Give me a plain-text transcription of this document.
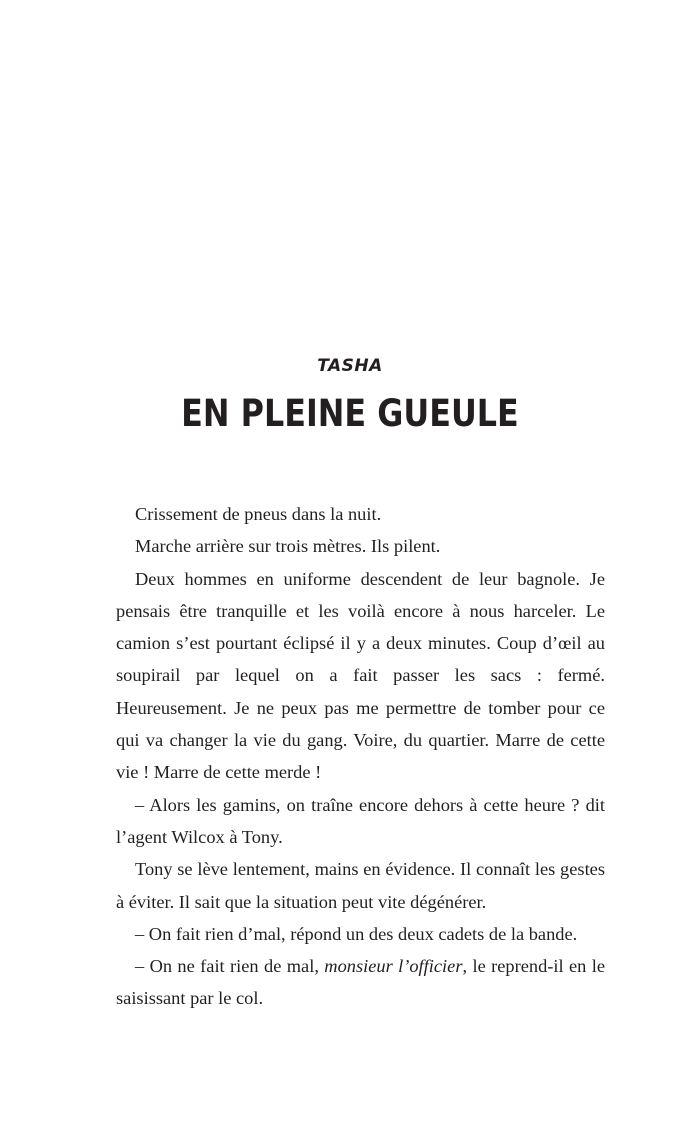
TASHA
EN PLEINE GUEULE

Crissement de pneus dans la nuit.

Marche arrière sur trois mètres. Ils pilent.

Deux hommes en uniforme descendent de leur bagnole. Je pensais être tranquille et les voilà encore à nous harceler. Le camion s’est pourtant éclipsé il y a deux minutes. Coup d’œil au soupirail par lequel on a fait passer les sacs : fermé. Heureusement. Je ne peux pas me permettre de tomber pour ce qui va changer la vie du gang. Voire, du quartier. Marre de cette vie ! Marre de cette merde !

– Alors les gamins, on traîne encore dehors à cette heure ? dit l’agent Wilcox à Tony.

Tony se lève lentement, mains en évidence. Il connaît les gestes à éviter. Il sait que la situation peut vite dégénérer.

– On fait rien d’mal, répond un des deux cadets de la bande.

– On ne fait rien de mal, monsieur l’officier, le reprend-il en le saisissant par le col.
